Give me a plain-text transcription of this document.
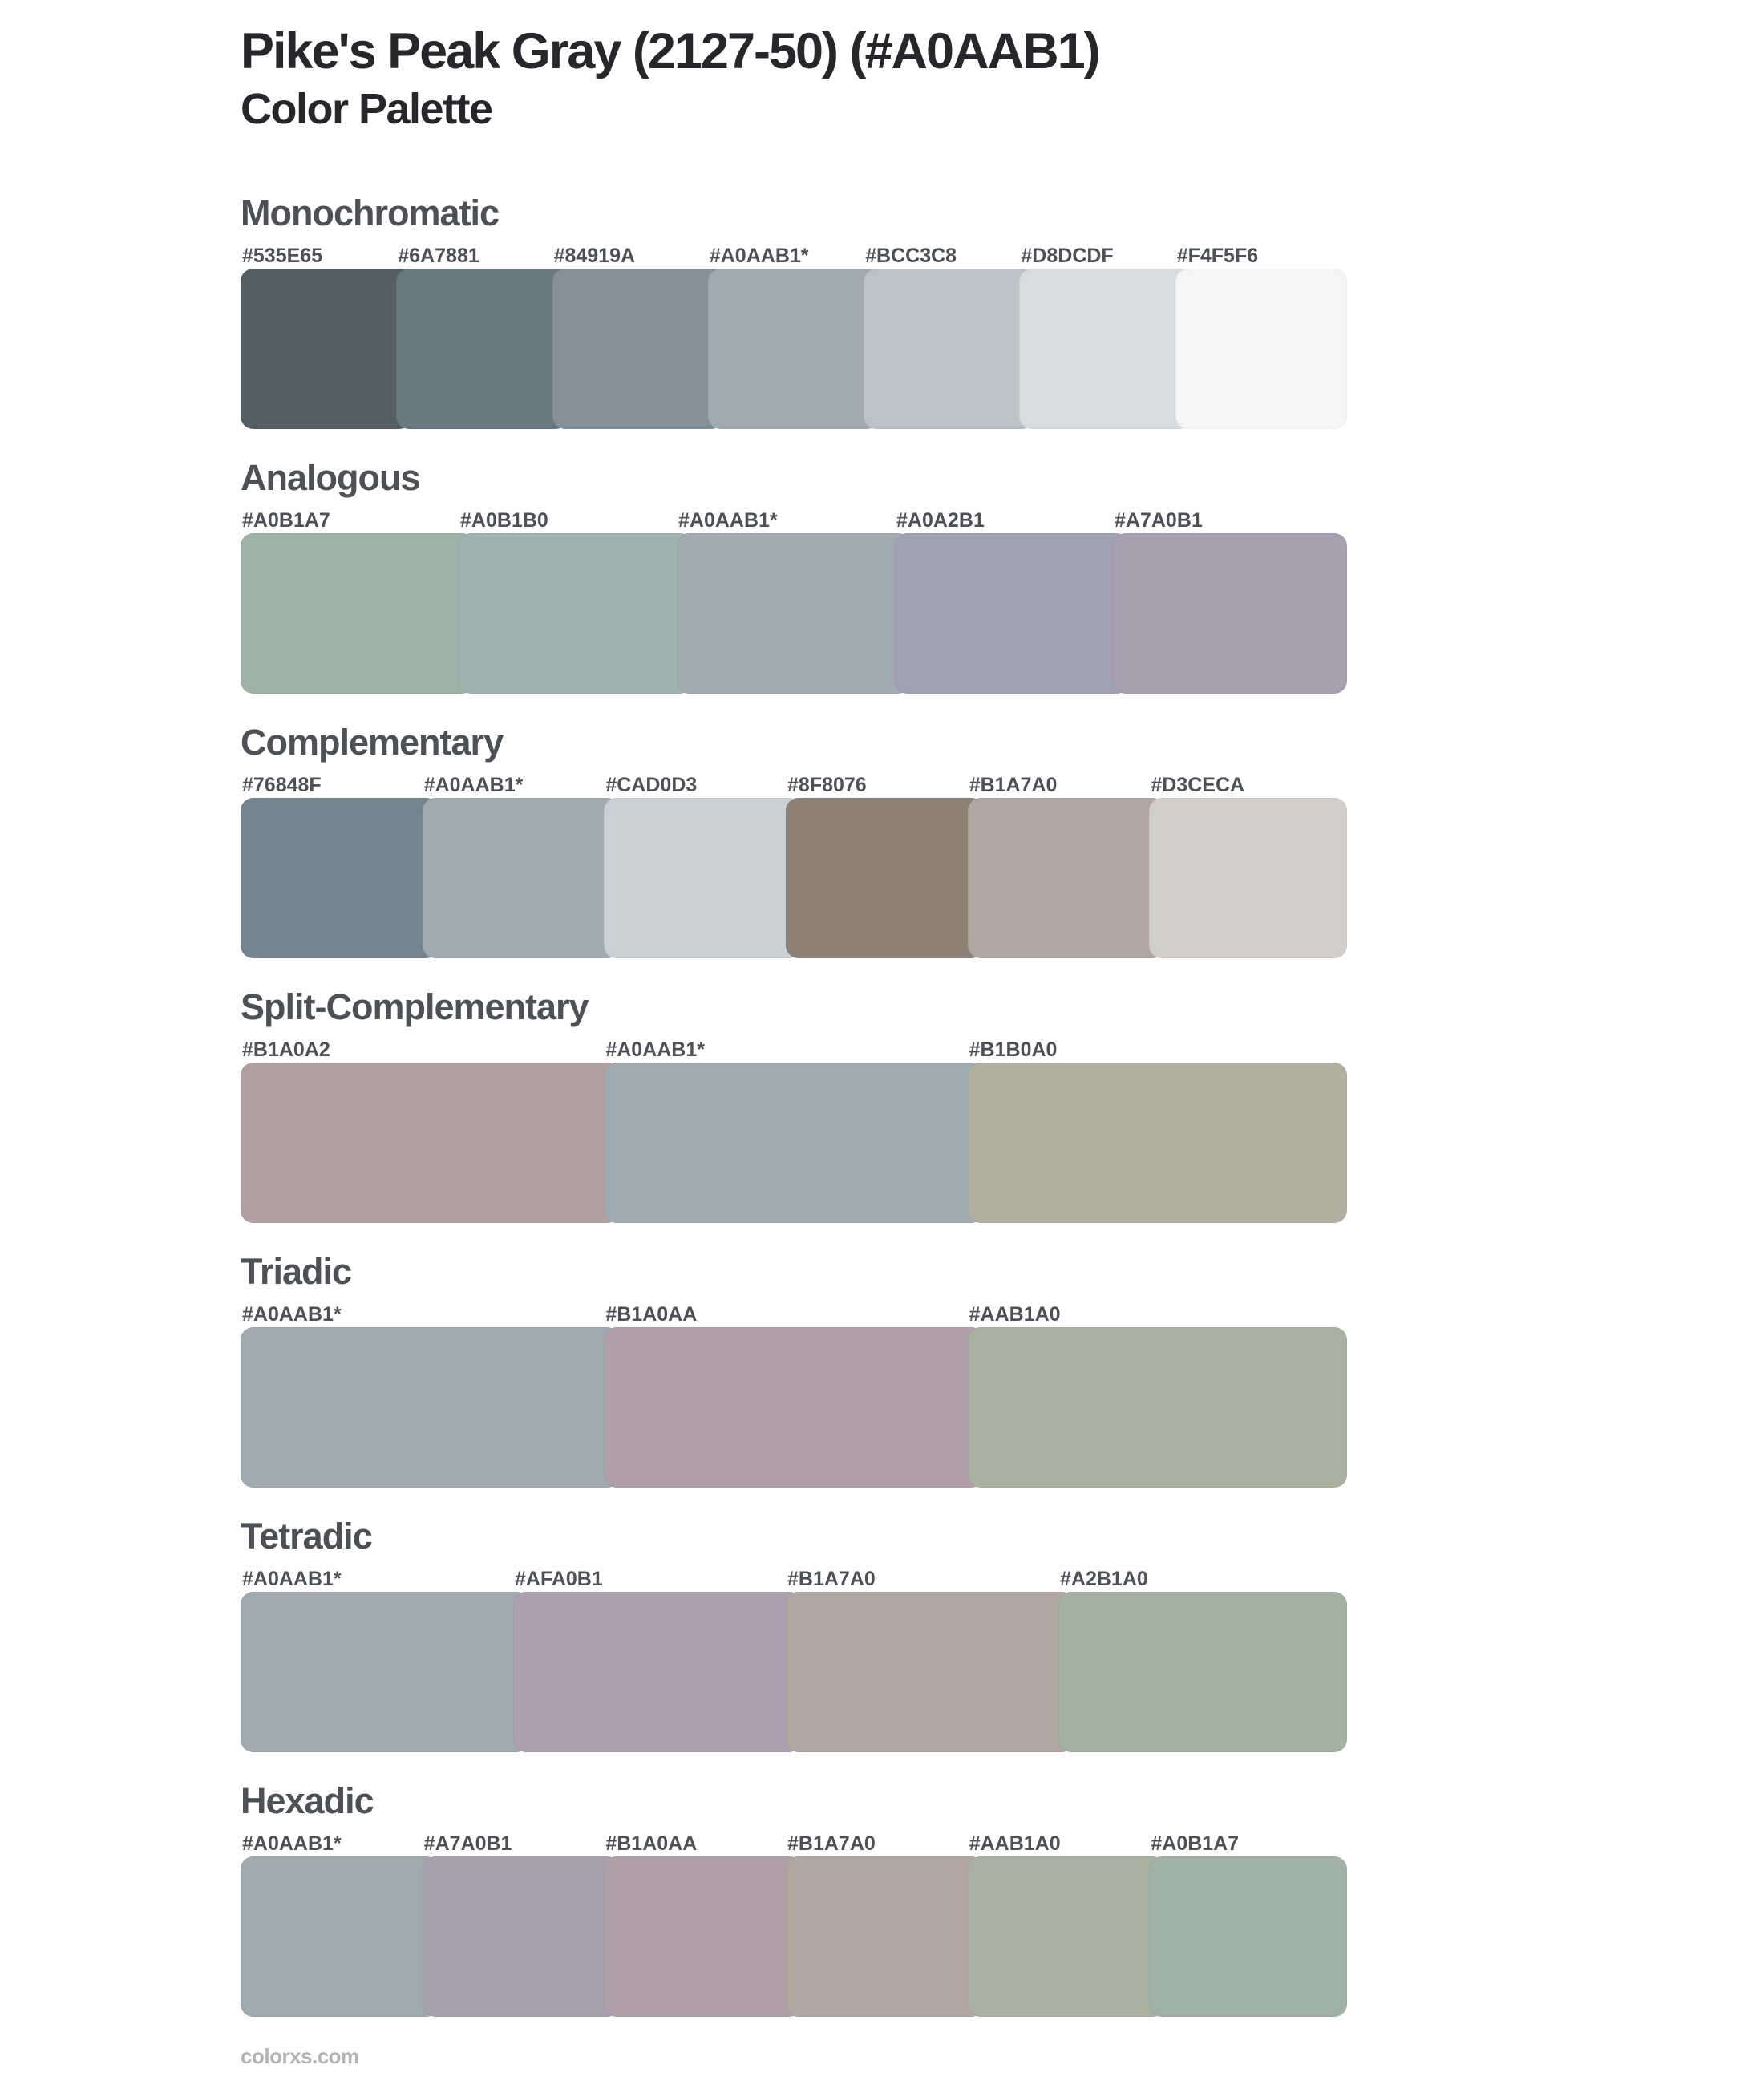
Pike's Peak Gray (2127-50) (#A0AAB1)
Color Palette
Monochromatic
#535E65	#6A7881	#84919A	#A0AAB1*	#BCC3C8	#D8DCDF	#F4F5F6
Analogous
#A0B1A7	#A0B1B0	#A0AAB1*	#A0A2B1	#A7A0B1
Complementary
#76848F	#A0AAB1*	#CAD0D3	#8F8076	#B1A7A0	#D3CECA
Split-Complementary
#B1A0A2	#A0AAB1*	#B1B0A0
Triadic
#A0AAB1*	#B1A0AA	#AAB1A0
Tetradic
#A0AAB1*	#AFA0B1	#B1A7A0	#A2B1A0
Hexadic
#A0AAB1*	#A7A0B1	#B1A0AA	#B1A7A0	#AAB1A0	#A0B1A7
colorxs.com
